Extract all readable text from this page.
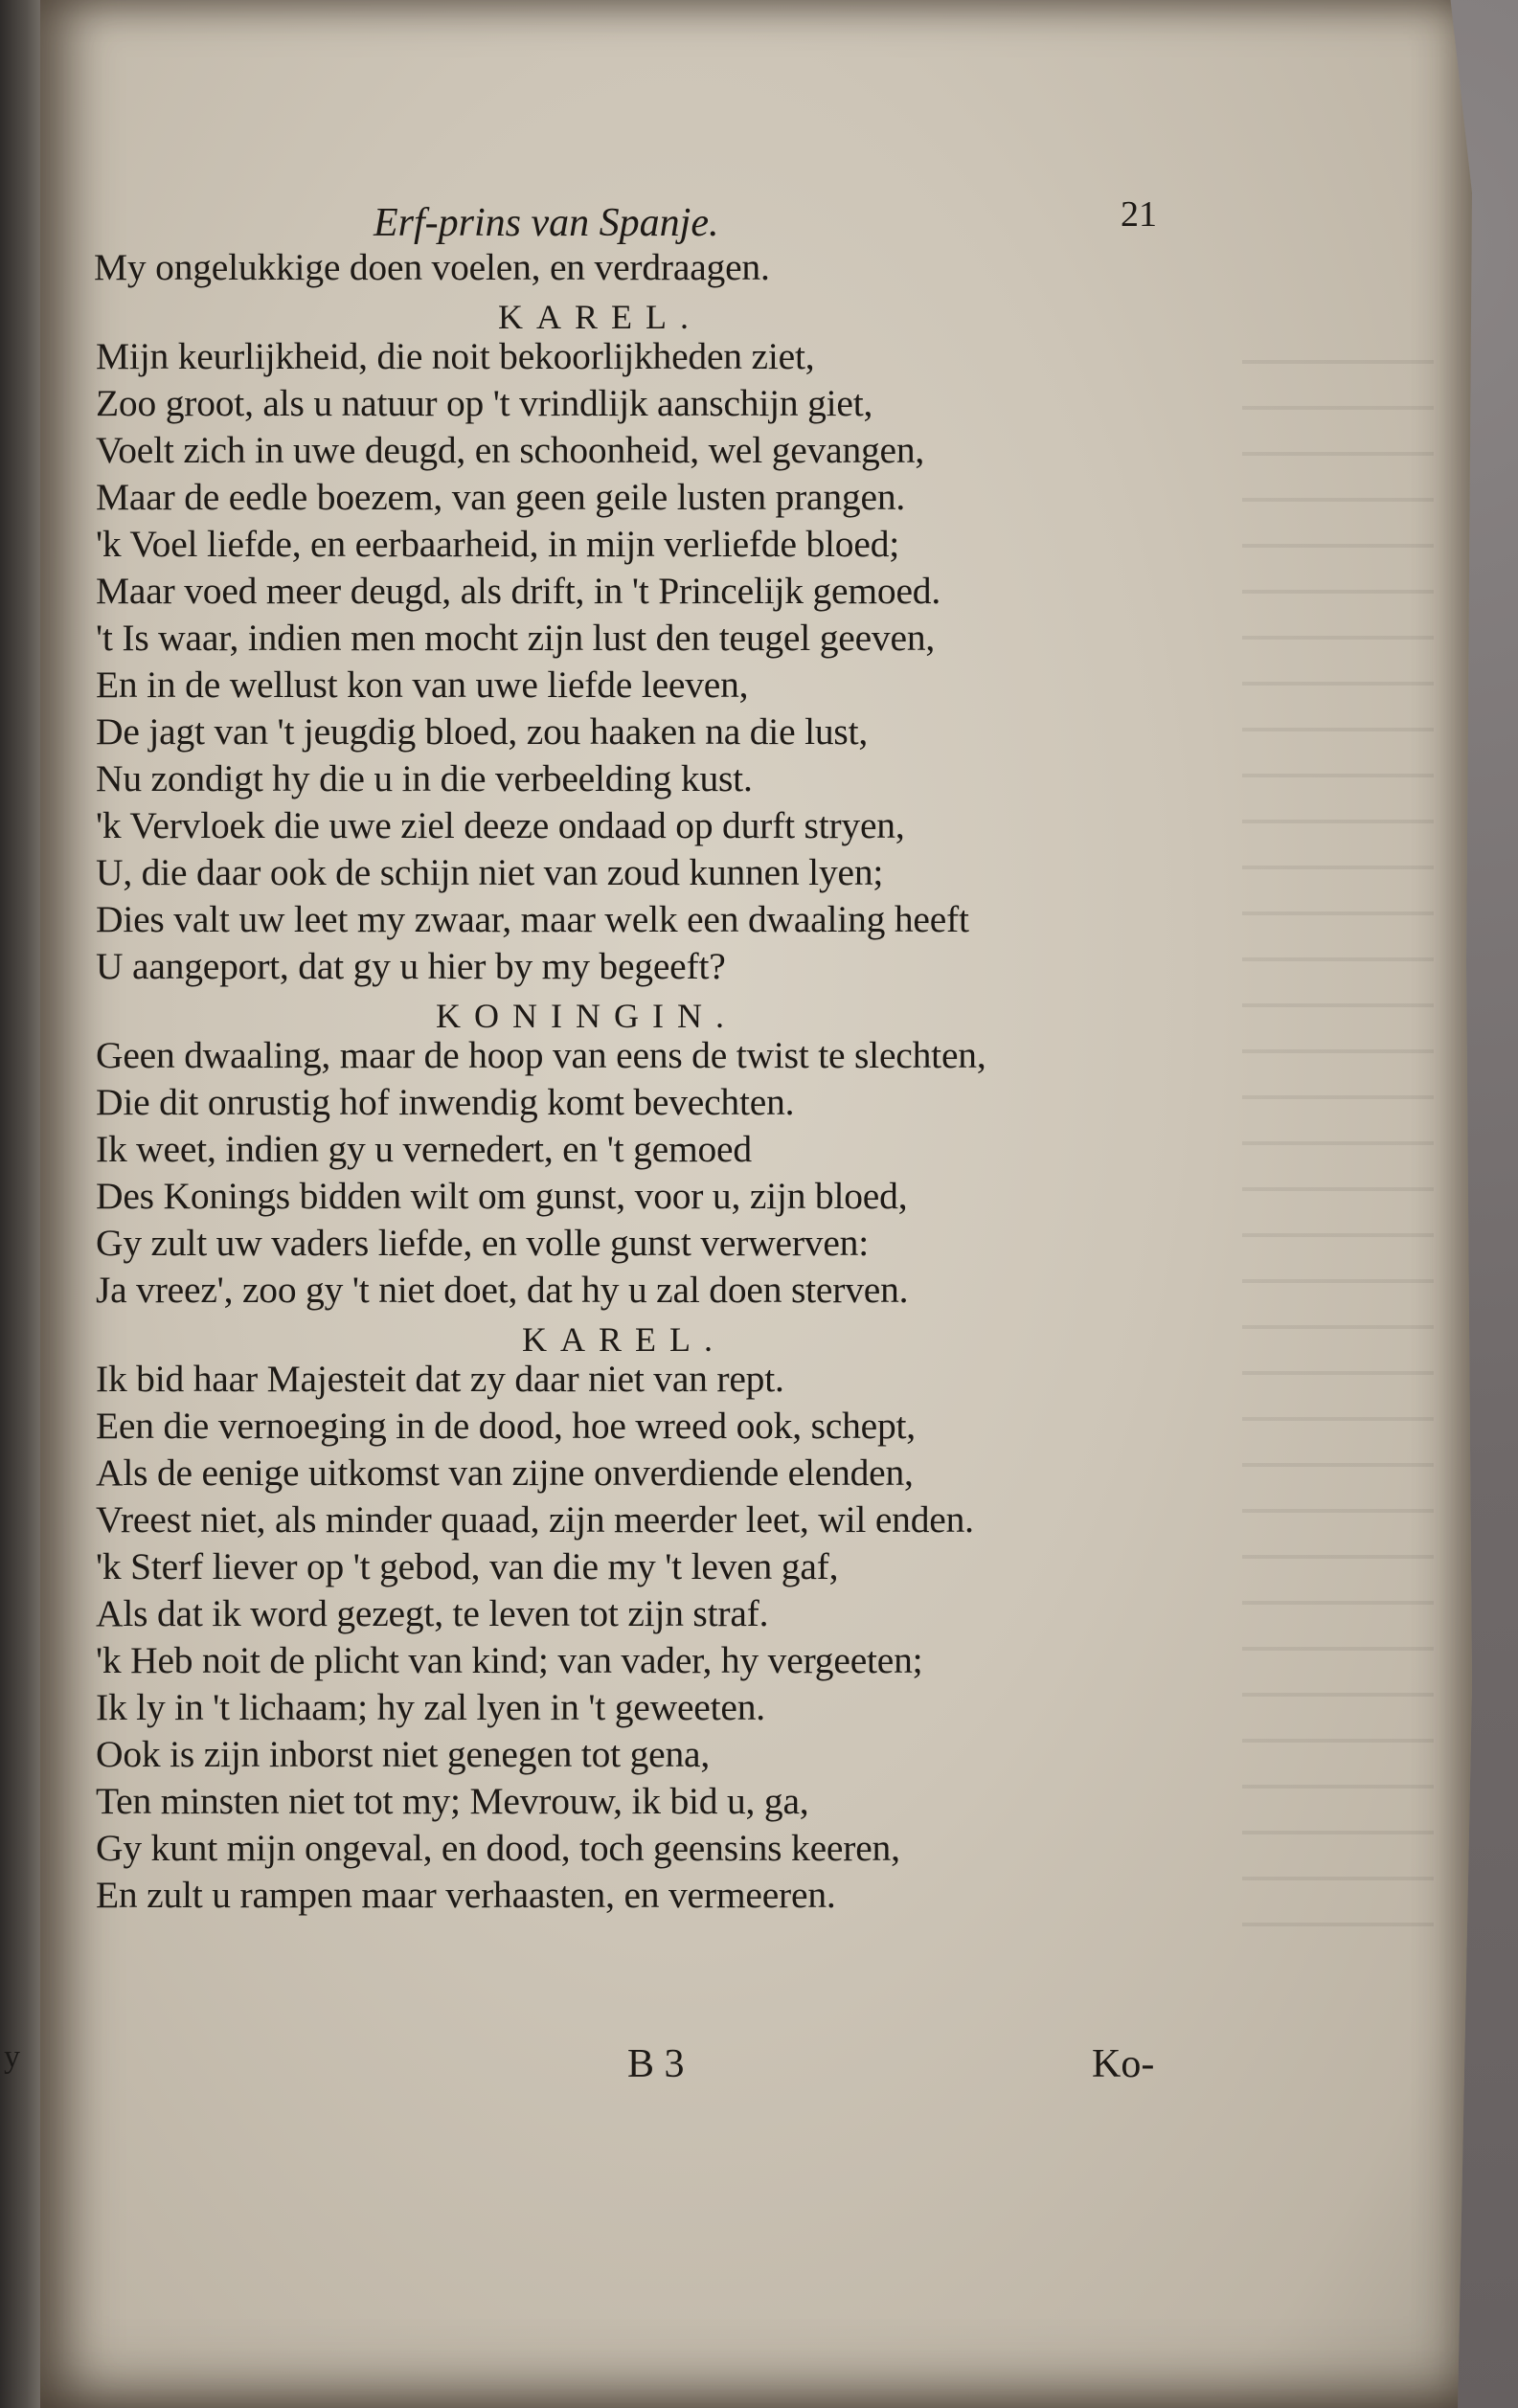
y
Erf-prins van Spanje.	21
My ongelukkige doen voelen, en verdraagen.
KAREL.
Mijn keurlijkheid, die noit bekoorlijkheden ziet,
Zoo groot, als u natuur op 't vrindlijk aanschijn giet,
Voelt zich in uwe deugd, en schoonheid, wel gevangen,
Maar de eedle boezem, van geen geile lusten prangen.
'k Voel liefde, en eerbaarheid, in mijn verliefde bloed;
Maar voed meer deugd, als drift, in 't Princelijk gemoed.
't Is waar, indien men mocht zijn lust den teugel geeven,
En in de wellust kon van uwe liefde leeven,
De jagt van 't jeugdig bloed, zou haaken na die lust,
Nu zondigt hy die u in die verbeelding kust.
'k Vervloek die uwe ziel deeze ondaad op durft stryen,
U, die daar ook de schijn niet van zoud kunnen lyen;
Dies valt uw leet my zwaar, maar welk een dwaaling heeft
U aangeport, dat gy u hier by my begeeft?
KONINGIN.
Geen dwaaling, maar de hoop van eens de twist te slechten,
Die dit onrustig hof inwendig komt bevechten.
Ik weet, indien gy u vernedert, en 't gemoed
Des Konings bidden wilt om gunst, voor u, zijn bloed,
Gy zult uw vaders liefde, en volle gunst verwerven:
Ja vreez', zoo gy 't niet doet, dat hy u zal doen sterven.
KAREL.
Ik bid haar Majesteit dat zy daar niet van rept.
Een die vernoeging in de dood, hoe wreed ook, schept,
Als de eenige uitkomst van zijne onverdiende elenden,
Vreest niet, als minder quaad, zijn meerder leet, wil enden.
'k Sterf liever op 't gebod, van die my 't leven gaf,
Als dat ik word gezegt, te leven tot zijn straf.
'k Heb noit de plicht van kind; van vader, hy vergeeten;
Ik ly in 't lichaam; hy zal lyen in 't geweeten.
Ook is zijn inborst niet genegen tot gena,
Ten minsten niet tot my; Mevrouw, ik bid u, ga,
Gy kunt mijn ongeval, en dood, toch geensins keeren,
En zult u rampen maar verhaasten, en vermeeren.
B 3	Ko-
